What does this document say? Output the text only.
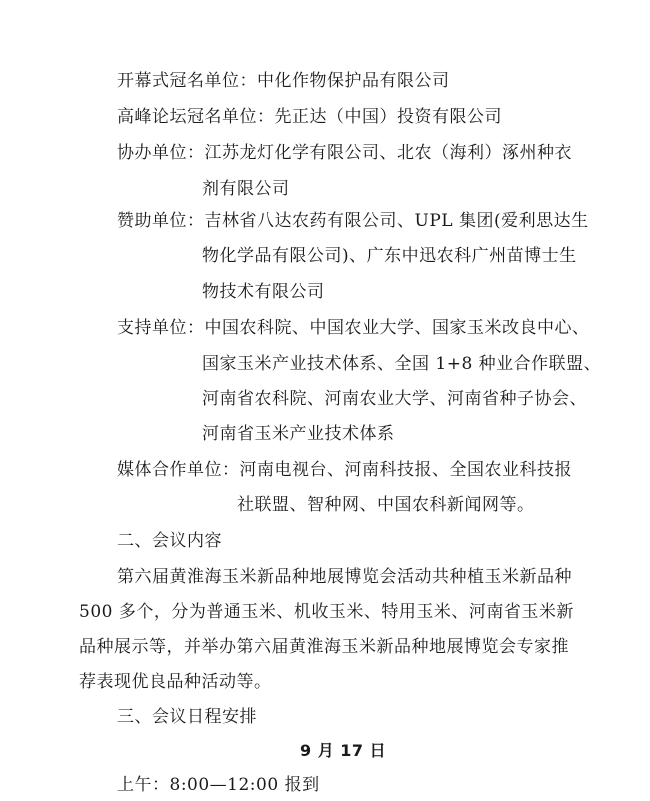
开幕式冠名单位：中化作物保护品有限公司
高峰论坛冠名单位：先正达（中国）投资有限公司
协办单位：江苏龙灯化学有限公司、北农（海利）涿州种衣
剂有限公司
赞助单位：吉林省八达农药有限公司、UPL 集团(爱利思达生
物化学品有限公司)、广东中迅农科广州苗博士生
物技术有限公司
支持单位：中国农科院、中国农业大学、国家玉米改良中心、
国家玉米产业技术体系、全国 1+8 种业合作联盟、
河南省农科院、河南农业大学、河南省种子协会、
河南省玉米产业技术体系
媒体合作单位：河南电视台、河南科技报、全国农业科技报
社联盟、智种网、中国农科新闻网等。
二、会议内容
第六届黄淮海玉米新品种地展博览会活动共种植玉米新品种
500 多个，分为普通玉米、机收玉米、特用玉米、河南省玉米新
品种展示等，并举办第六届黄淮海玉米新品种地展博览会专家推
荐表现优良品种活动等。
三、会议日程安排
9 月 17 日
上午：8:00—12:00 报到
